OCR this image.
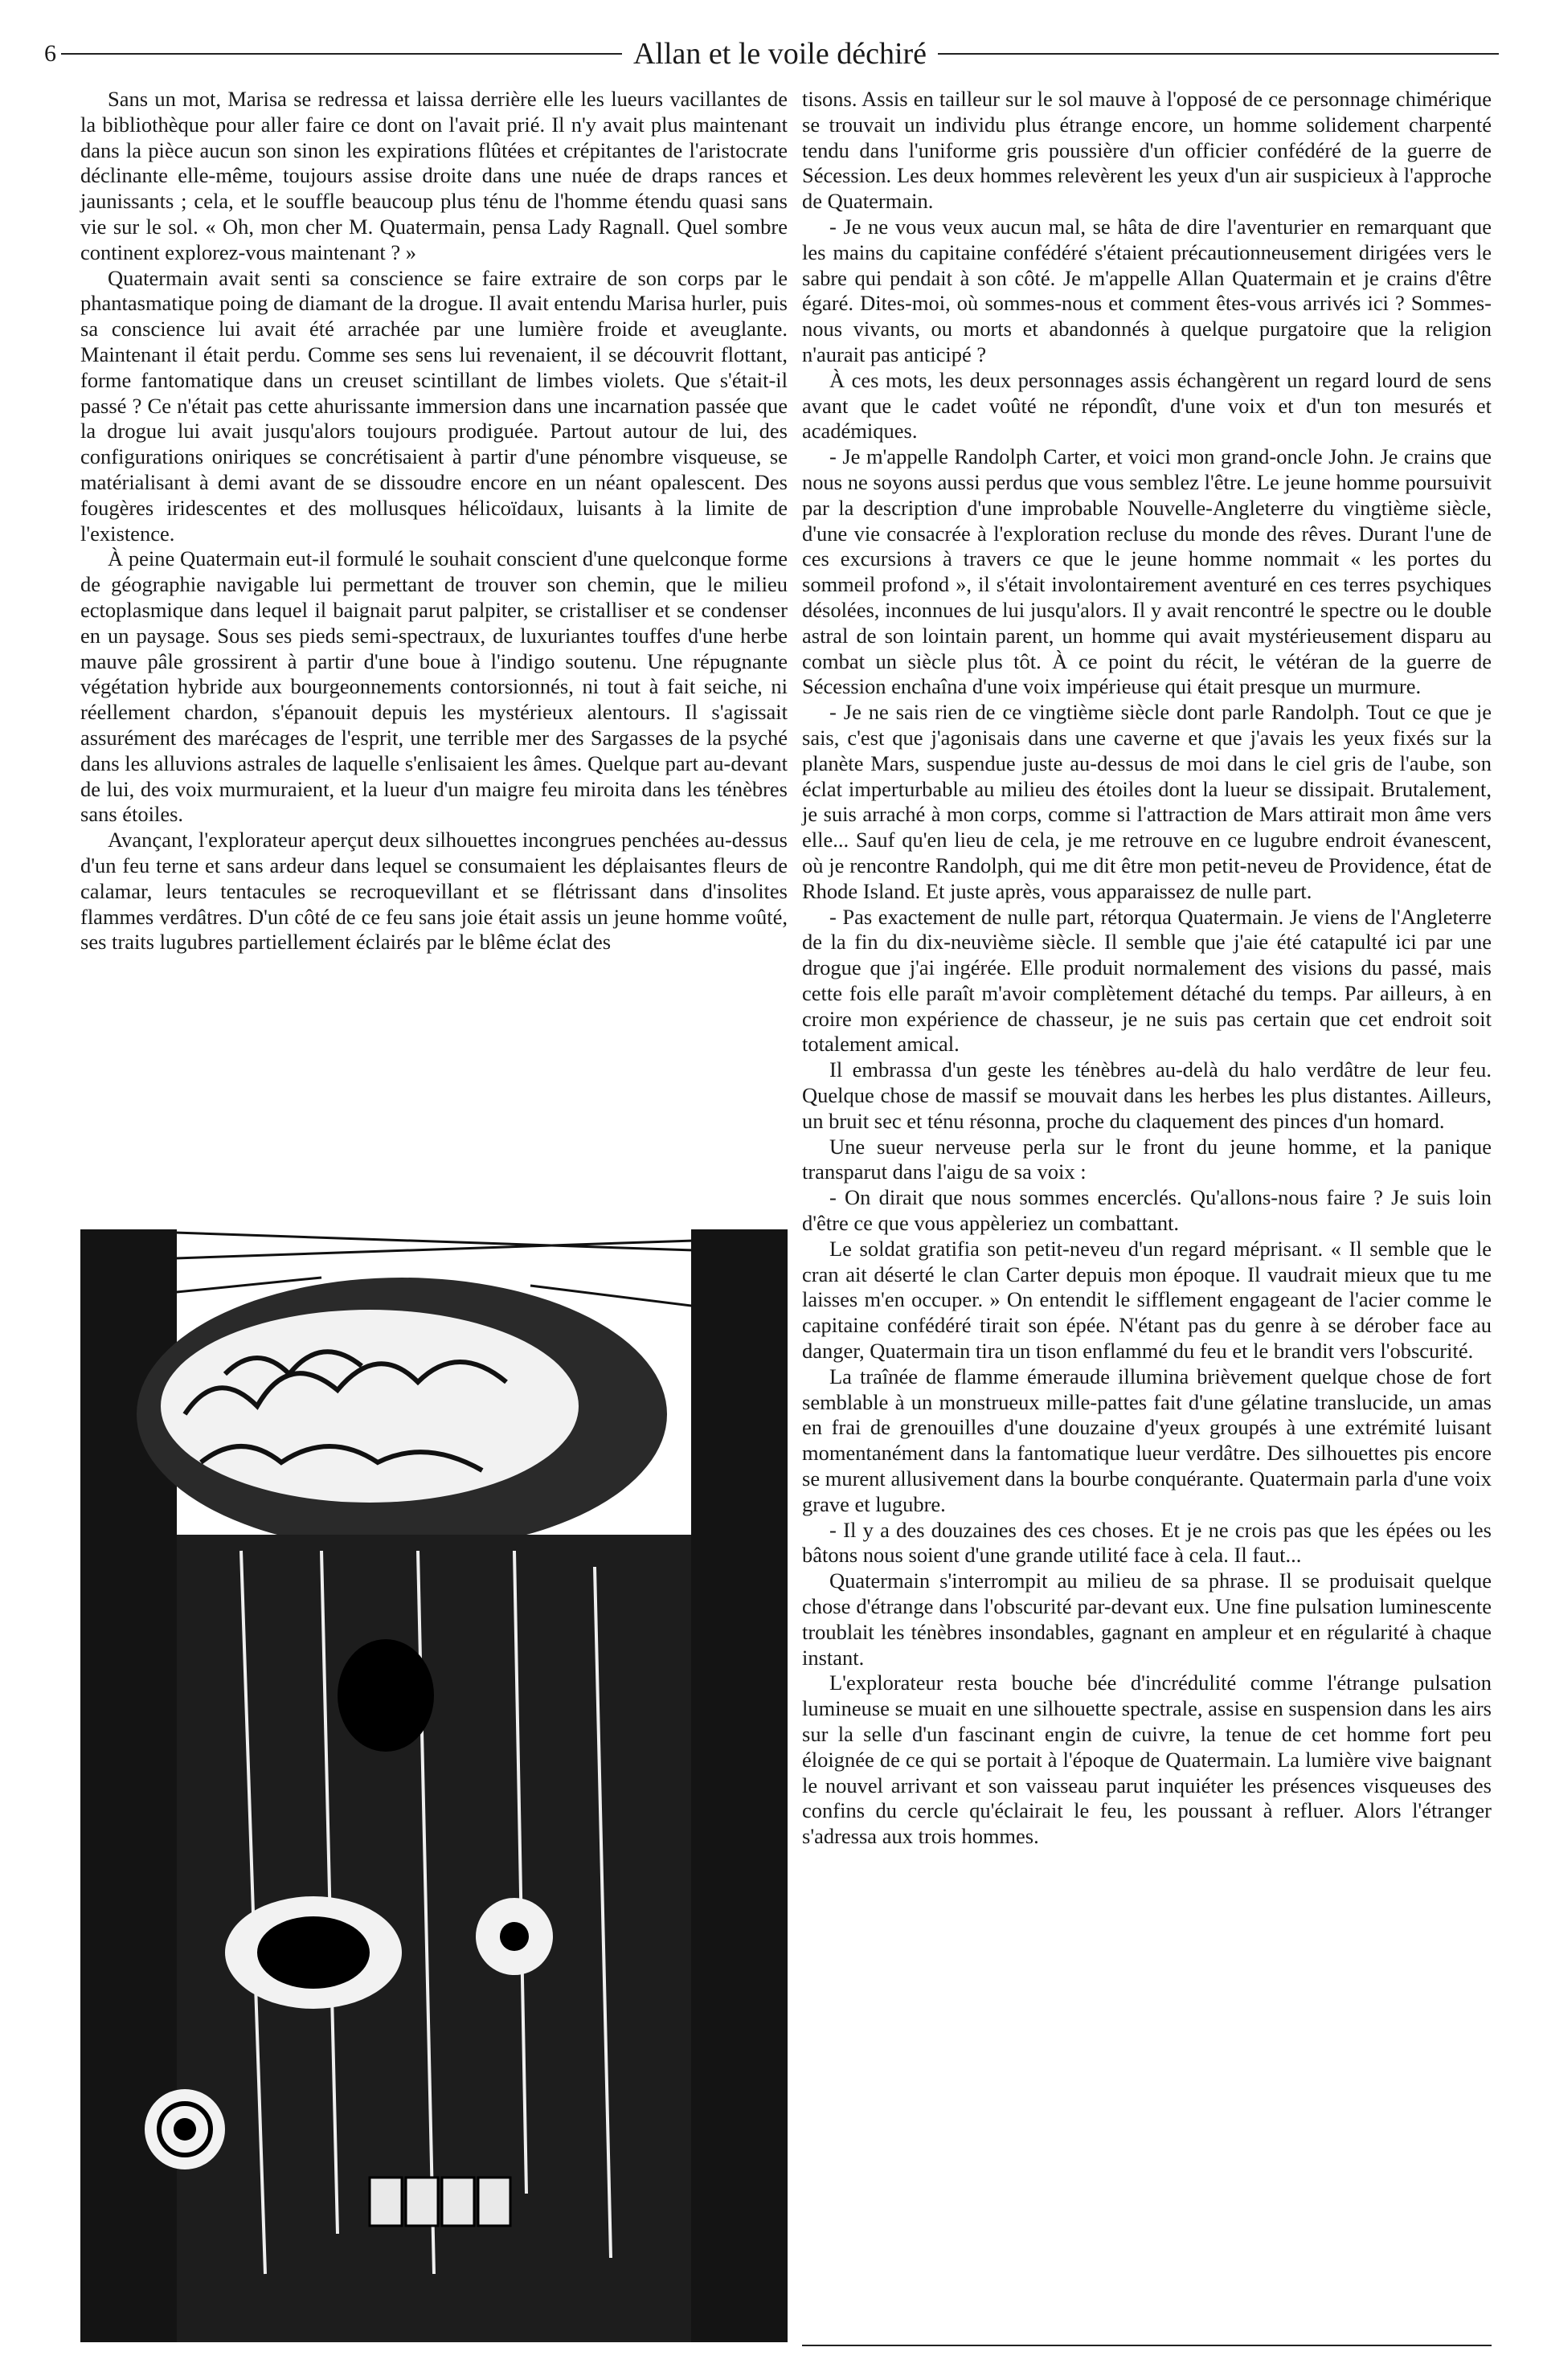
6	Allan et le voile déchiré

Sans un mot, Marisa se redressa et laissa derrière elle les lueurs vacillantes de la bibliothèque pour aller faire ce dont on l'avait prié. Il n'y avait plus maintenant dans la pièce aucun son sinon les expirations flûtées et crépitantes de l'aristocrate déclinante elle-même, toujours assise droite dans une nuée de draps rances et jaunissants ; cela, et le souffle beaucoup plus ténu de l'homme étendu quasi sans vie sur le sol. « Oh, mon cher M. Quatermain, pensa Lady Ragnall. Quel sombre continent explorez-vous maintenant ? »

Quatermain avait senti sa conscience se faire extraire de son corps par le phantasmatique poing de diamant de la drogue. Il avait entendu Marisa hurler, puis sa conscience lui avait été arrachée par une lumière froide et aveuglante. Maintenant il était perdu. Comme ses sens lui revenaient, il se découvrit flottant, forme fantomatique dans un creuset scintillant de limbes violets. Que s'était-il passé ? Ce n'était pas cette ahurissante immersion dans une incarnation passée que la drogue lui avait jusqu'alors toujours prodiguée. Partout autour de lui, des configurations oniriques se concrétisaient à partir d'une pénombre visqueuse, se matérialisant à demi avant de se dissoudre encore en un néant opalescent. Des fougères iridescentes et des mollusques hélicoïdaux, luisants à la limite de l'existence.

À peine Quatermain eut-il formulé le souhait conscient d'une quelconque forme de géographie navigable lui permettant de trouver son chemin, que le milieu ectoplasmique dans lequel il baignait parut palpiter, se cristalliser et se condenser en un paysage. Sous ses pieds semi-spectraux, de luxuriantes touffes d'une herbe mauve pâle grossirent à partir d'une boue à l'indigo soutenu. Une répugnante végétation hybride aux bourgeonnements contorsionnés, ni tout à fait seiche, ni réellement chardon, s'épanouit depuis les mystérieux alentours. Il s'agissait assurément des marécages de l'esprit, une terrible mer des Sargasses de la psyché dans les alluvions astrales de laquelle s'enlisaient les âmes. Quelque part au-devant de lui, des voix murmuraient, et la lueur d'un maigre feu miroita dans les ténèbres sans étoiles.

Avançant, l'explorateur aperçut deux silhouettes incongrues penchées au-dessus d'un feu terne et sans ardeur dans lequel se consumaient les déplaisantes fleurs de calamar, leurs tentacules se recroquevillant et se flétrissant dans d'insolites flammes verdâtres. D'un côté de ce feu sans joie était assis un jeune homme voûté, ses traits lugubres partiellement éclairés par le blême éclat des

tisons. Assis en tailleur sur le sol mauve à l'opposé de ce personnage chimérique se trouvait un individu plus étrange encore, un homme solidement charpenté tendu dans l'uniforme gris poussière d'un officier confédéré de la guerre de Sécession. Les deux hommes relevèrent les yeux d'un air suspicieux à l'approche de Quatermain.

- Je ne vous veux aucun mal, se hâta de dire l'aventurier en remarquant que les mains du capitaine confédéré s'étaient précautionneusement dirigées vers le sabre qui pendait à son côté. Je m'appelle Allan Quatermain et je crains d'être égaré. Dites-moi, où sommes-nous et comment êtes-vous arrivés ici ? Sommes-nous vivants, ou morts et abandonnés à quelque purgatoire que la religion n'aurait pas anticipé ?

À ces mots, les deux personnages assis échangèrent un regard lourd de sens avant que le cadet voûté ne répondît, d'une voix et d'un ton mesurés et académiques.

- Je m'appelle Randolph Carter, et voici mon grand-oncle John. Je crains que nous ne soyons aussi perdus que vous semblez l'être. Le jeune homme poursuivit par la description d'une improbable Nouvelle-Angleterre du vingtième siècle, d'une vie consacrée à l'exploration recluse du monde des rêves. Durant l'une de ces excursions à travers ce que le jeune homme nommait « les portes du sommeil profond », il s'était involontairement aventuré en ces terres psychiques désolées, inconnues de lui jusqu'alors. Il y avait rencontré le spectre ou le double astral de son lointain parent, un homme qui avait mystérieusement disparu au combat un siècle plus tôt. À ce point du récit, le vétéran de la guerre de Sécession enchaîna d'une voix impérieuse qui était presque un murmure.

- Je ne sais rien de ce vingtième siècle dont parle Randolph. Tout ce que je sais, c'est que j'agonisais dans une caverne et que j'avais les yeux fixés sur la planète Mars, suspendue juste au-dessus de moi dans le ciel gris de l'aube, son éclat imperturbable au milieu des étoiles dont la lueur se dissipait. Brutalement, je suis arraché à mon corps, comme si l'attraction de Mars attirait mon âme vers elle... Sauf qu'en lieu de cela, je me retrouve en ce lugubre endroit évanescent, où je rencontre Randolph, qui me dit être mon petit-neveu de Providence, état de Rhode Island. Et juste après, vous apparaissez de nulle part.

- Pas exactement de nulle part, rétorqua Quatermain. Je viens de l'Angleterre de la fin du dix-neuvième siècle. Il semble que j'aie été catapulté ici par une drogue que j'ai ingérée. Elle produit normalement des visions du passé, mais cette fois elle paraît m'avoir complètement détaché du temps. Par ailleurs, à en croire mon expérience de chasseur, je ne suis pas certain que cet endroit soit totalement amical.

Il embrassa d'un geste les ténèbres au-delà du halo verdâtre de leur feu. Quelque chose de massif se mouvait dans les herbes les plus distantes. Ailleurs, un bruit sec et ténu résonna, proche du claquement des pinces d'un homard.

Une sueur nerveuse perla sur le front du jeune homme, et la panique transparut dans l'aigu de sa voix :

- On dirait que nous sommes encerclés. Qu'allons-nous faire ? Je suis loin d'être ce que vous appèleriez un combattant.

Le soldat gratifia son petit-neveu d'un regard méprisant. « Il semble que le cran ait déserté le clan Carter depuis mon époque. Il vaudrait mieux que tu me laisses m'en occuper. » On entendit le sifflement engageant de l'acier comme le capitaine confédéré tirait son épée. N'étant pas du genre à se dérober face au danger, Quatermain tira un tison enflammé du feu et le brandit vers l'obscurité.

La traînée de flamme émeraude illumina brièvement quelque chose de fort semblable à un monstrueux mille-pattes fait d'une gélatine translucide, un amas en frai de grenouilles d'une douzaine d'yeux groupés à une extrémité luisant momentanément dans la fantomatique lueur verdâtre. Des silhouettes pis encore se murent allusivement dans la bourbe conquérante. Quatermain parla d'une voix grave et lugubre.

- Il y a des douzaines des ces choses. Et je ne crois pas que les épées ou les bâtons nous soient d'une grande utilité face à cela. Il faut...

Quatermain s'interrompit au milieu de sa phrase. Il se produisait quelque chose d'étrange dans l'obscurité par-devant eux. Une fine pulsation luminescente troublait les ténèbres insondables, gagnant en ampleur et en régularité à chaque instant.

L'explorateur resta bouche bée d'incrédulité comme l'étrange pulsation lumineuse se muait en une silhouette spectrale, assise en suspension dans les airs sur la selle d'un fascinant engin de cuivre, la tenue de cet homme fort peu éloignée de ce qui se portait à l'époque de Quatermain. La lumière vive baignant le nouvel arrivant et son vaisseau parut inquiéter les présences visqueuses des confins du cercle qu'éclairait le feu, les poussant à refluer. Alors l'étranger s'adressa aux trois hommes.
